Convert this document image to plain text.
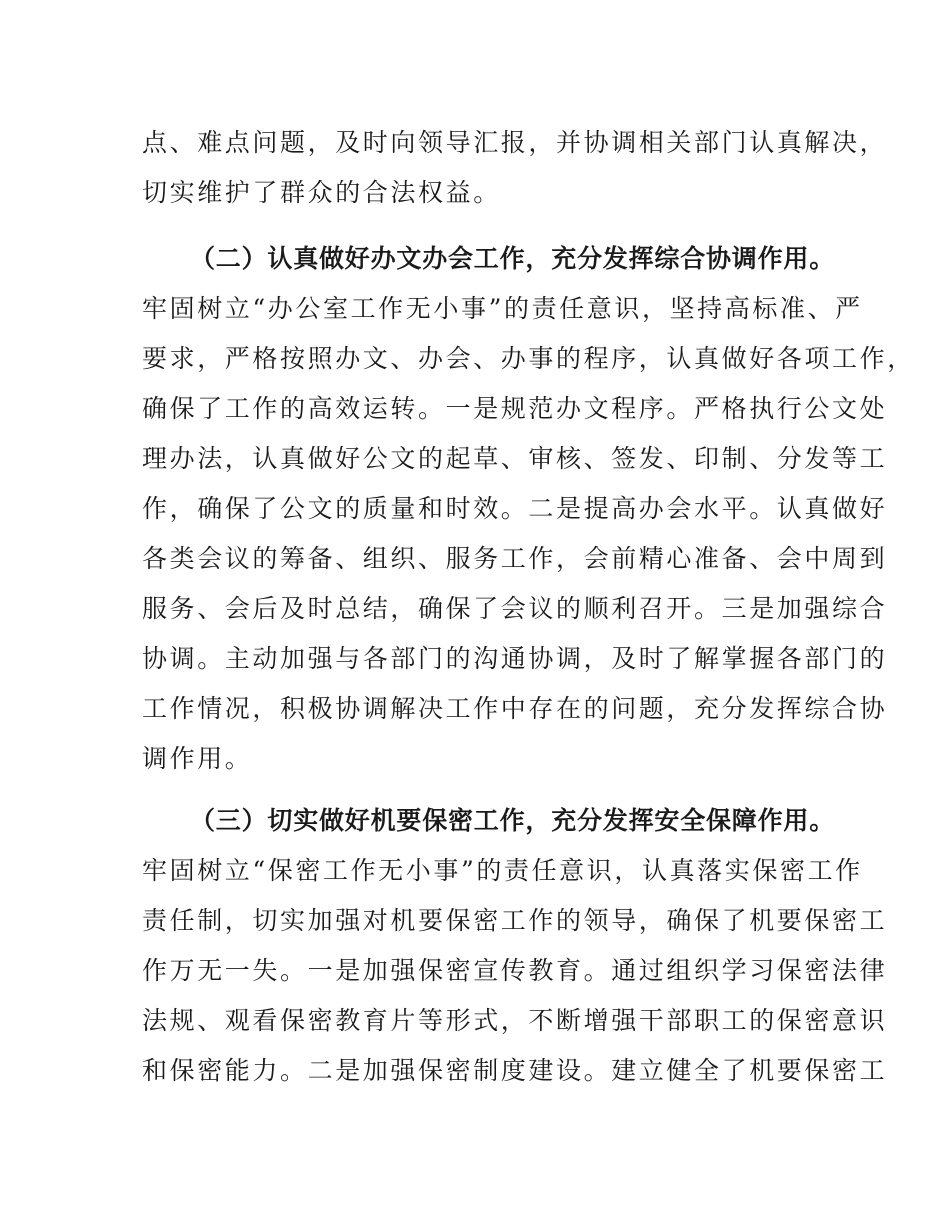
点、难点问题，及时向领导汇报，并协调相关部门认真解决，
切实维护了群众的合法权益。
（二）认真做好办文办会工作，充分发挥综合协调作用。
牢固树立“办公室工作无小事”的责任意识，坚持高标准、严
要求，严格按照办文、办会、办事的程序，认真做好各项工作，
确保了工作的高效运转。一是规范办文程序。严格执行公文处
理办法，认真做好公文的起草、审核、签发、印制、分发等工
作，确保了公文的质量和时效。二是提高办会水平。认真做好
各类会议的筹备、组织、服务工作，会前精心准备、会中周到
服务、会后及时总结，确保了会议的顺利召开。三是加强综合
协调。主动加强与各部门的沟通协调，及时了解掌握各部门的
工作情况，积极协调解决工作中存在的问题，充分发挥综合协
调作用。
（三）切实做好机要保密工作，充分发挥安全保障作用。
牢固树立“保密工作无小事”的责任意识，认真落实保密工作
责任制，切实加强对机要保密工作的领导，确保了机要保密工
作万无一失。一是加强保密宣传教育。通过组织学习保密法律
法规、观看保密教育片等形式，不断增强干部职工的保密意识
和保密能力。二是加强保密制度建设。建立健全了机要保密工
